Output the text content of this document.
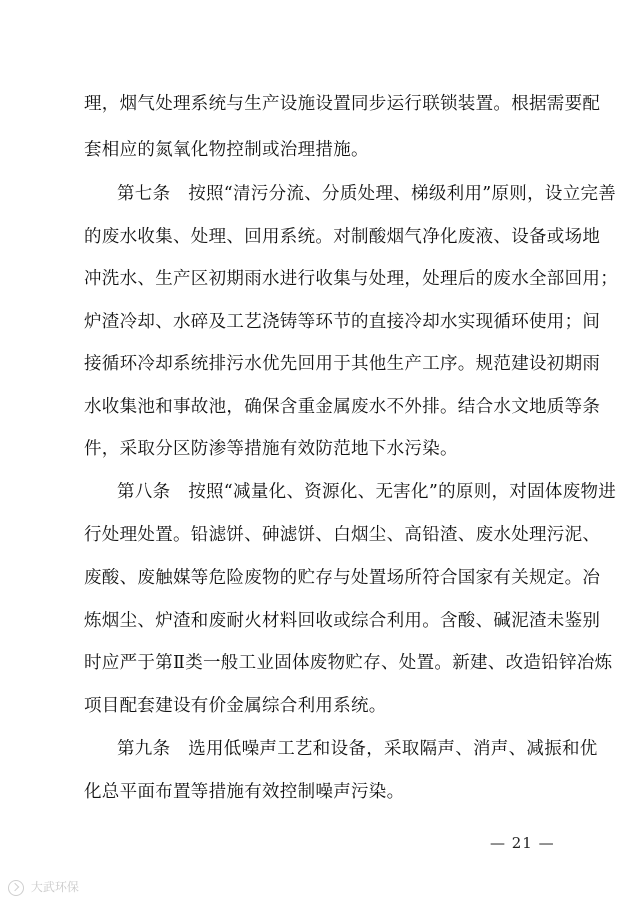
理，烟气处理系统与生产设施设置同步运行联锁装置。根据需要配
套相应的氮氧化物控制或治理措施。
第七条　按照“清污分流、分质处理、梯级利用”原则，设立完善
的废水收集、处理、回用系统。对制酸烟气净化废液、设备或场地
冲洗水、生产区初期雨水进行收集与处理，处理后的废水全部回用；
炉渣冷却、水碎及工艺浇铸等环节的直接冷却水实现循环使用；间
接循环冷却系统排污水优先回用于其他生产工序。规范建设初期雨
水收集池和事故池，确保含重金属废水不外排。结合水文地质等条
件，采取分区防渗等措施有效防范地下水污染。
第八条　按照“减量化、资源化、无害化”的原则，对固体废物进
行处理处置。铅滤饼、砷滤饼、白烟尘、高铅渣、废水处理污泥、
废酸、废触媒等危险废物的贮存与处置场所符合国家有关规定。冶
炼烟尘、炉渣和废耐火材料回收或综合利用。含酸、碱泥渣未鉴别
时应严于第Ⅱ类一般工业固体废物贮存、处置。新建、改造铅锌冶炼
项目配套建设有价金属综合利用系统。
第九条　选用低噪声工艺和设备，采取隔声、消声、减振和优
化总平面布置等措施有效控制噪声污染。
— 21 —
大武环保
